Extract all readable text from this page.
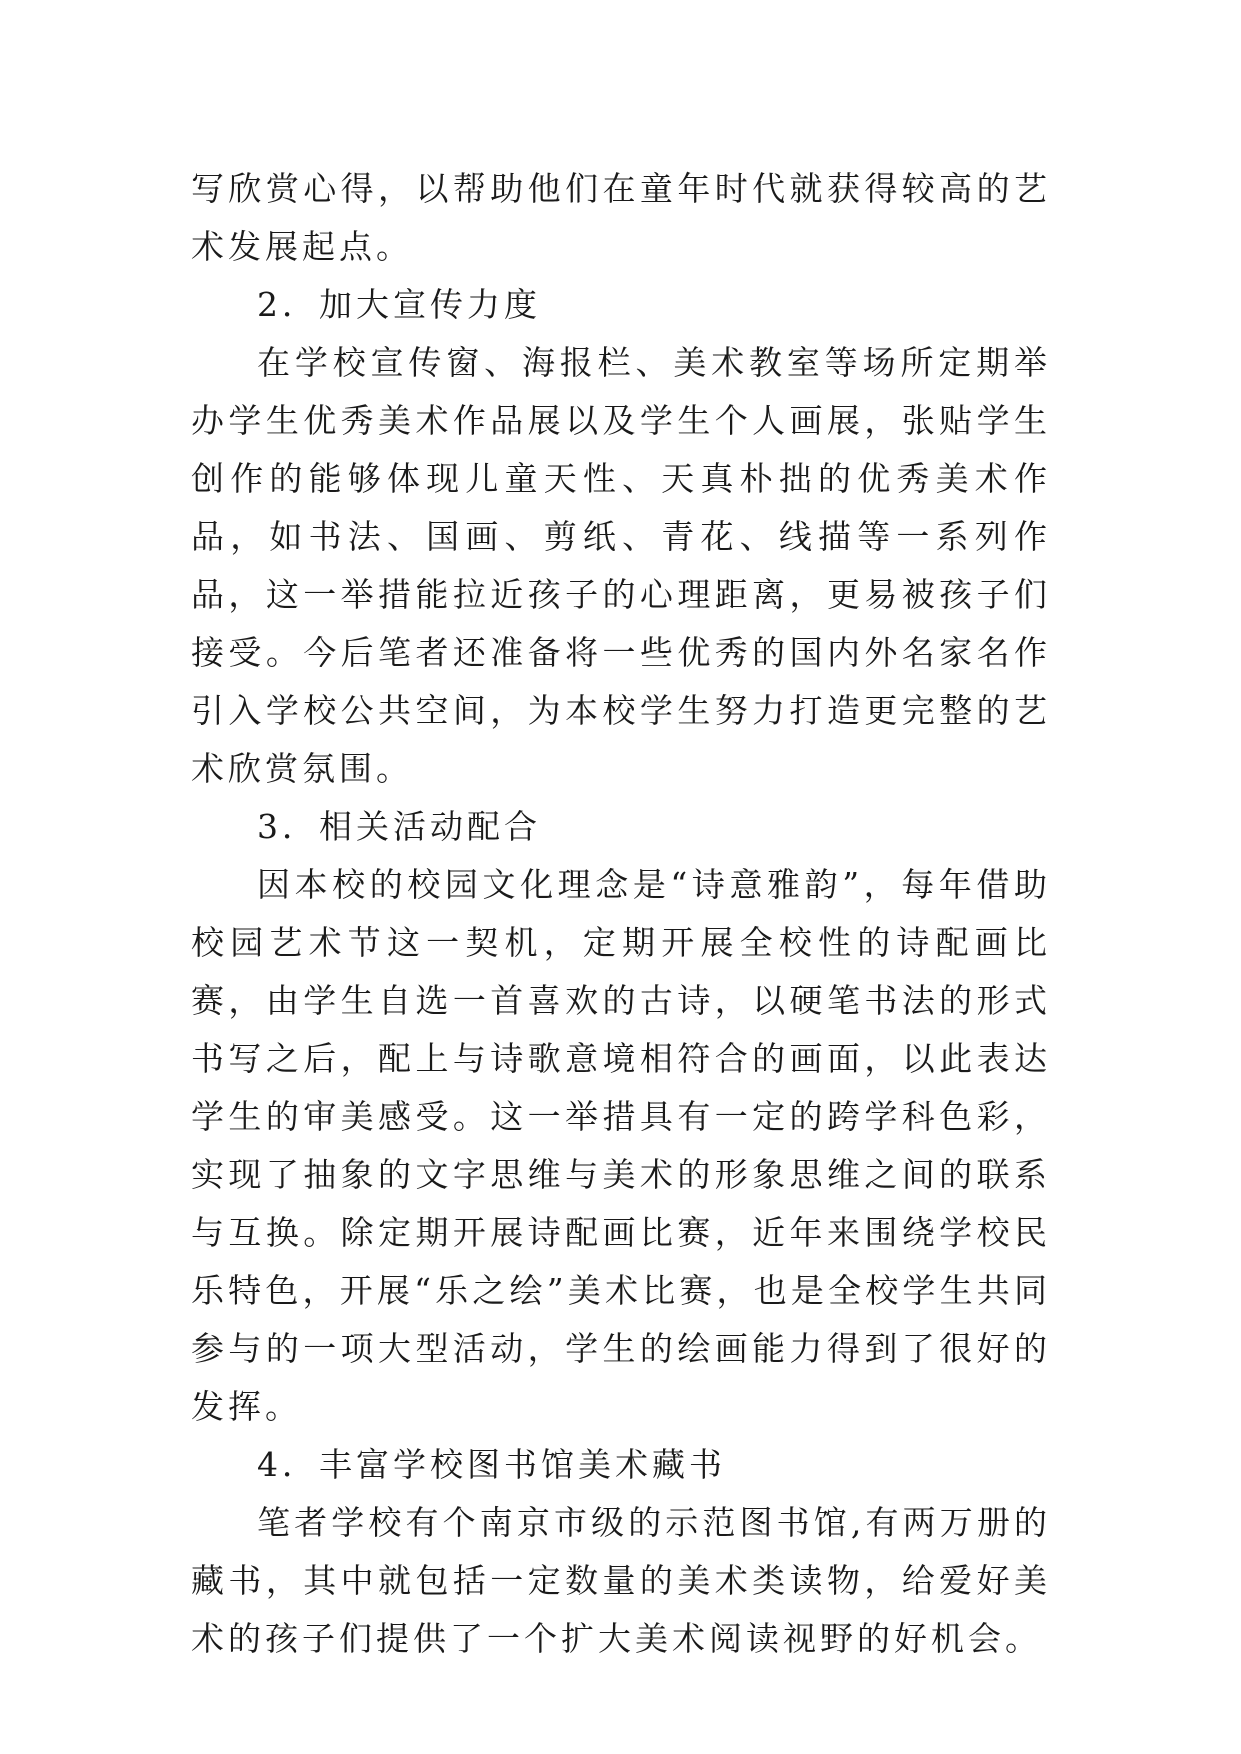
写欣赏心得，以帮助他们在童年时代就获得较高的艺术发展起点。

2．加大宣传力度

在学校宣传窗、海报栏、美术教室等场所定期举办学生优秀美术作品展以及学生个人画展，张贴学生创作的能够体现儿童天性、天真朴拙的优秀美术作品，如书法、国画、剪纸、青花、线描等一系列作品，这一举措能拉近孩子的心理距离，更易被孩子们接受。今后笔者还准备将一些优秀的国内外名家名作引入学校公共空间，为本校学生努力打造更完整的艺术欣赏氛围。

3．相关活动配合

因本校的校园文化理念是“诗意雅韵”，每年借助校园艺术节这一契机，定期开展全校性的诗配画比赛，由学生自选一首喜欢的古诗，以硬笔书法的形式书写之后，配上与诗歌意境相符合的画面，以此表达学生的审美感受。这一举措具有一定的跨学科色彩，实现了抽象的文字思维与美术的形象思维之间的联系与互换。除定期开展诗配画比赛，近年来围绕学校民乐特色，开展“乐之绘”美术比赛，也是全校学生共同参与的一项大型活动，学生的绘画能力得到了很好的发挥。

4．丰富学校图书馆美术藏书

笔者学校有个南京市级的示范图书馆,有两万册的藏书，其中就包括一定数量的美术类读物，给爱好美术的孩子们提供了一个扩大美术阅读视野的好机会。
